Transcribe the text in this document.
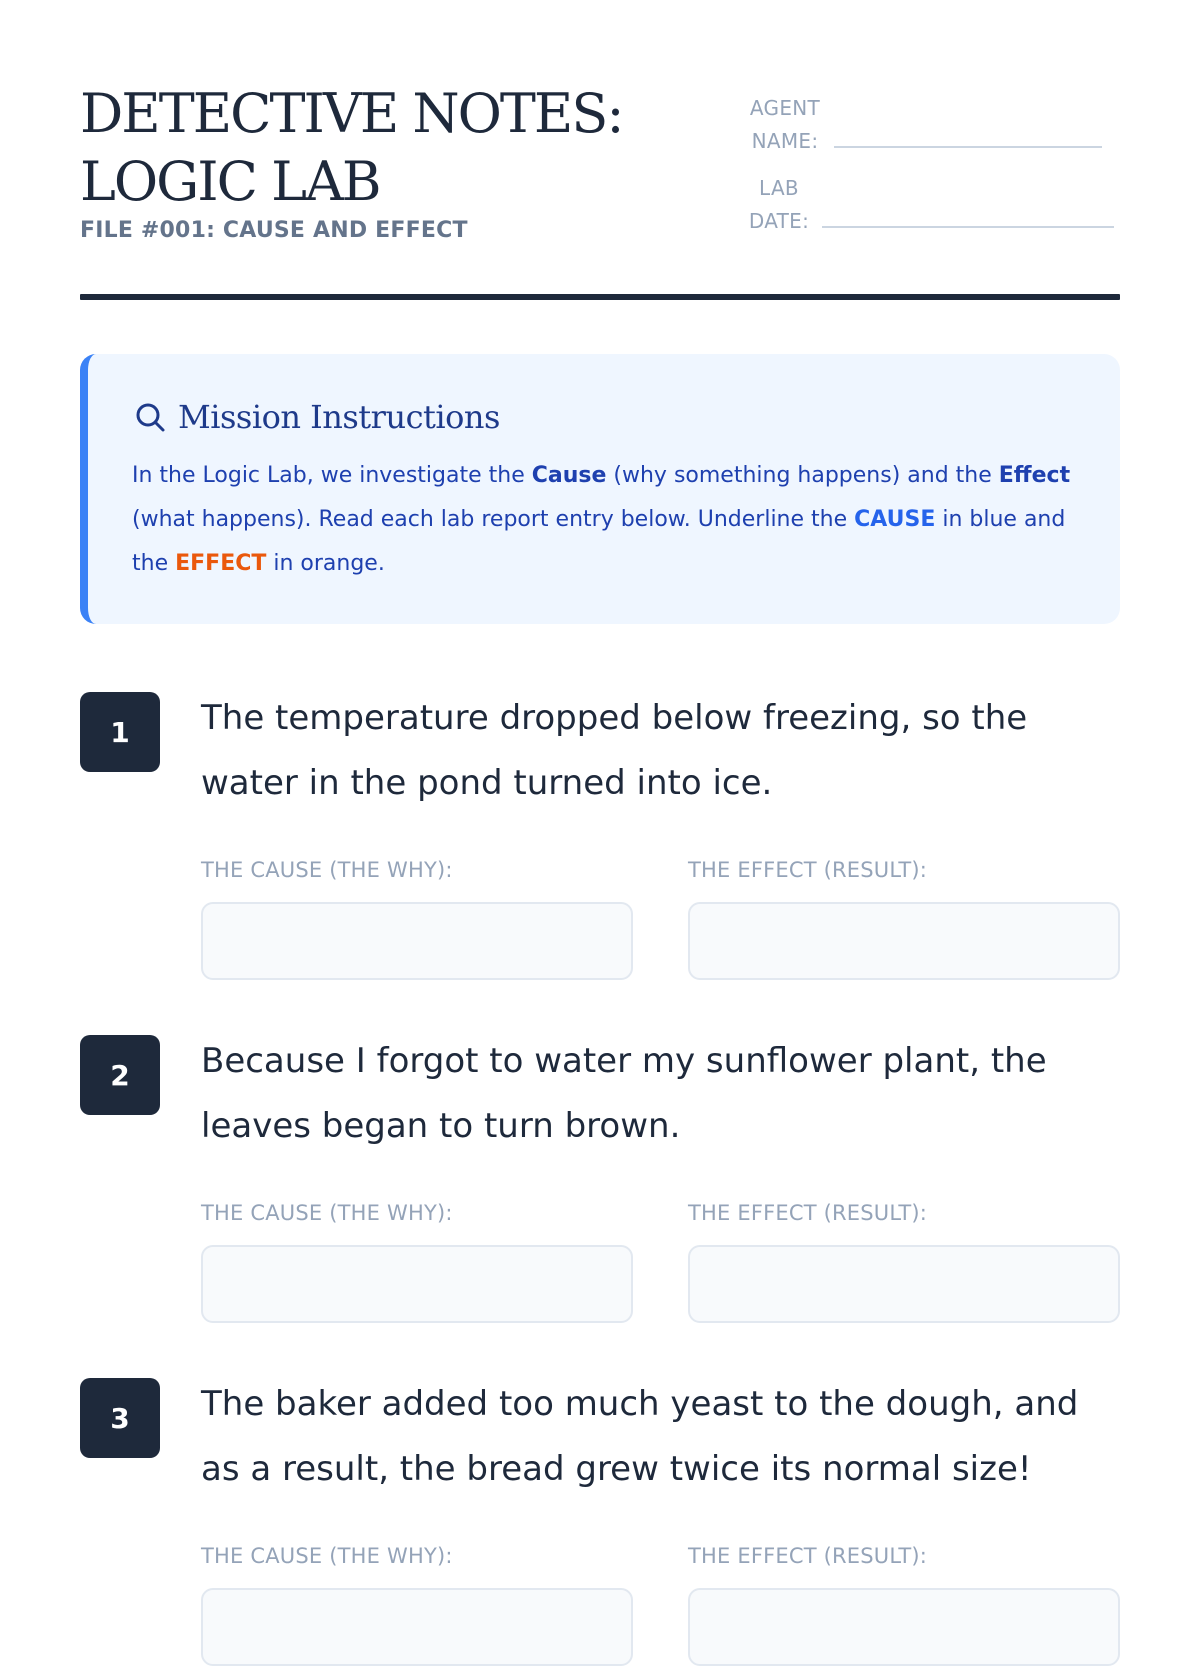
DETECTIVE NOTES:
LOGIC LAB
FILE #001: CAUSE AND EFFECT
AGENT
NAME:
LAB
DATE:
Mission Instructions

In the Logic Lab, we investigate the Cause (why something happens) and the Effect (what happens). Read each lab report entry below. Underline the CAUSE in blue and the EFFECT in orange.

1	The temperature dropped below freezing, so the water in the pond turned into ice.

THE CAUSE (THE WHY):	THE EFFECT (RESULT):
2	Because I forgot to water my sunflower plant, the leaves began to turn brown.

THE CAUSE (THE WHY):	THE EFFECT (RESULT):
3	The baker added too much yeast to the dough, and as a result, the bread grew twice its normal size!

THE CAUSE (THE WHY):	THE EFFECT (RESULT):
